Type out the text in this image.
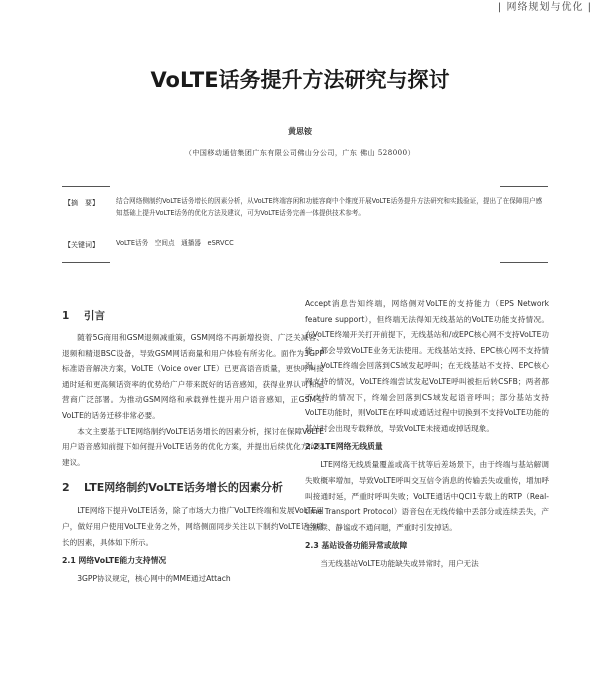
| 网络规划与优化 |
VoLTE话务提升方法研究与探讨
黄思铵
（中国移动通信集团广东有限公司佛山分公司，广东 佛山 528000）
【摘　要】	结合网络侧制约VoLTE话务增长的因素分析，从VoLTE终端容闲和功能容商中个维度开展VoLTE话务提升方法研究和实践验证，提出了在保障用户感知基础上提升VoLTE话务的优化方法及建议，可为VoLTE话务完善一体提供技术参考。
【关键词】	VoLTE话务　空间点　通播器　eSRVCC
1 引言

随着5G商用和GSM退频减重策，GSM网络不再新增投资、广泛关减客、退频和精退BSC设备，导致GSM网话商量和用户体验有所劣化。面作为3GPP标准语音解决方案，VoLTE（Voice over LTE）已更高语音质量，更快呼叫接通时延和更高频话资率的优势给广户带来既好的话音感知，获得业界认可和运营商广泛部署。为推动GSM网络和承载弹性提升用户语音感知，正GSM至VoLTE的话务迁移非常必要。

本文主要基于LTE网络制约VoLTE话务增长的因素分析，探讨在保障VoLTE用户语音感知前提下如何提升VoLTE话务的优化方案，并提出后续优化方向及建议。

2 LTE网络制约VoLTE话务增长的因素分析

LTE网络下提升VoLTE话务，除了市场大力推广VoLTE终端和发展VoLTE用户，做好用户使用VoLTE业务之外，网络侧面同步关注以下制约VoLTE话务增长的因素，具体如下所示。

2.1 网络VoLTE能力支持情况

3GPP协议规定，核心网中的MME通过Attach

Accept消息告知终端，网络侧对VoLTE的支持能力（EPS Network feature support），但终端无法得知无线基站的VoLTE功能支持情况。在VoLTE终端开关打开前提下，无线基站和/或EPC核心网不支持VoLTE功能，都会导致VoLTE业务无法使用。无线基站支持、EPC核心网不支持情况，VoLTE终端会回落到CS域发起呼叫；在无线基站不支持、EPC核心网支持的情况，VoLTE终端尝试发起VoLTE呼叫被拒后转CSFB；两者都不支持的情况下，终端会回落到CS域发起语音呼叫；部分基站支持VoLTE功能时，则VoLTE在呼叫或通话过程中切换到不支持VoLTE功能的基站时会出现专载释放，导致VoLTE未接通或掉话现象。

2.2 LTE网络无线质量

LTE网络无线质量覆盖或高干扰等后差场景下，由于终端与基站解调失败概率增加，导致VoLTE呼叫交互信令消息的传输丢失或重传，增加呼叫接通时延，严重时呼叫失败；VoLTE通话中QCI1专载上的RTP（Real-time Transport Protocol）语音包在无线传输中丢部分或连续丢失，产生断续、静谧或不通问题，严重时引发掉话。

2.3 基站设备功能异常或故障

当无线基站VoLTE功能缺失或异常时，用户无法
